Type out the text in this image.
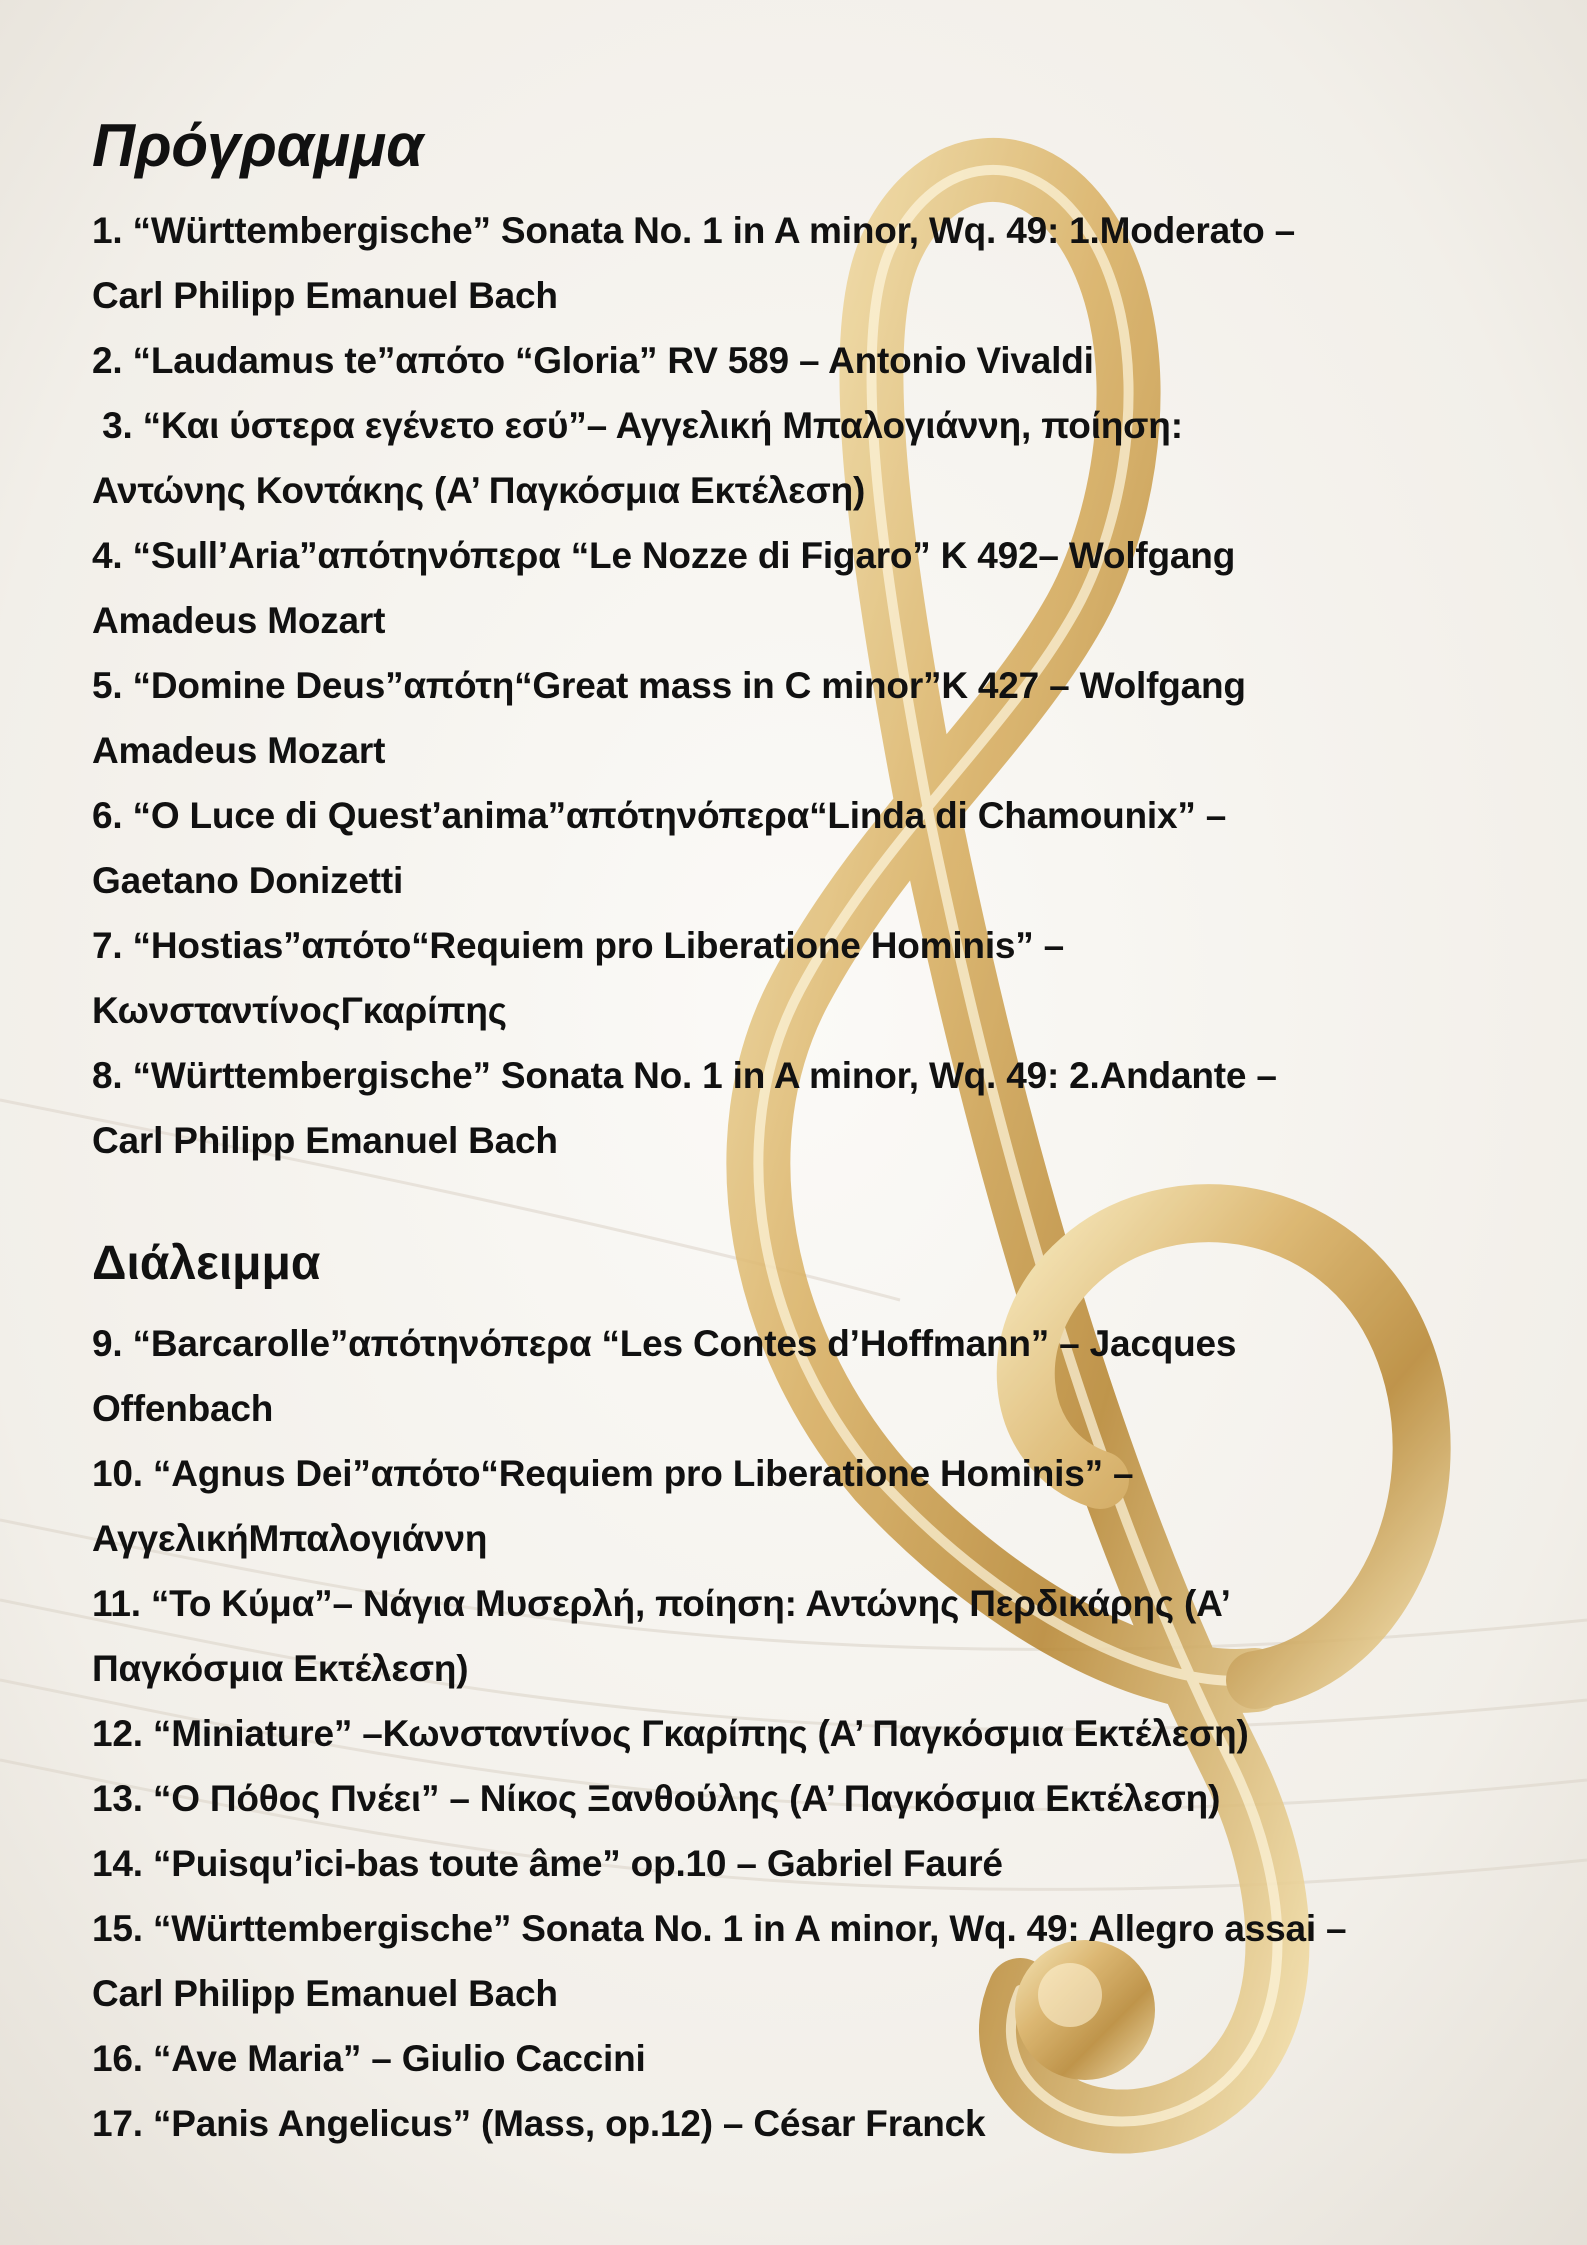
Πρόγραμμα
1. “Württembergische” Sonata No. 1 in A minor, Wq. 49: 1.Moderato –
Carl Philipp Emanuel Bach
2. “Laudamus te”απότο “Gloria” RV 589 – Antonio Vivaldi
3. “Και ύστερα εγένετο εσύ”– Αγγελική Μπαλογιάννη, ποίηση:
Αντώνης Κοντάκης (Α’ Παγκόσμια Εκτέλεση)
4. “Sull’Aria”απότηνόπερα “Le Nozze di Figaro” K 492– Wolfgang
Amadeus Mozart
5. “Domine Deus”απότη“Great mass in C minor”K 427 – Wolfgang
Amadeus Mozart
6. “O Luce di Quest’anima”απότηνόπερα“Linda di Chamounix” –
Gaetano Donizetti
7. “Hostias”απότο“Requiem pro Liberatione Hominis” –
ΚωνσταντίνοςΓκαρίπης
8. “Württembergische” Sonata No. 1 in A minor, Wq. 49: 2.Andante –
Carl Philipp Emanuel Bach
Διάλειμμα
9. “Barcarolle”απότηνόπερα “Les Contes d’Hoffmann” – Jacques
Offenbach
10. “Agnus Dei”απότο“Requiem pro Liberatione Hominis” –
ΑγγελικήΜπαλογιάννη
11. “Το Κύμα”– Νάγια Μυσερλή, ποίηση: Αντώνης Περδικάρης (Α’
Παγκόσμια Εκτέλεση)
12. “Miniature” –Κωνσταντίνος Γκαρίπης (Α’ Παγκόσμια Εκτέλεση)
13. “Ο Πόθος Πνέει” – Νίκος Ξανθούλης (Α’ Παγκόσμια Εκτέλεση)
14. “Puisqu’ici-bas toute âme” op.10 – Gabriel Fauré
15. “Württembergische” Sonata No. 1 in A minor, Wq. 49: Allegro assai –
Carl Philipp Emanuel Bach
16. “Ave Maria” – Giulio Caccini
17. “Panis Angelicus” (Mass, op.12) – César Franck
